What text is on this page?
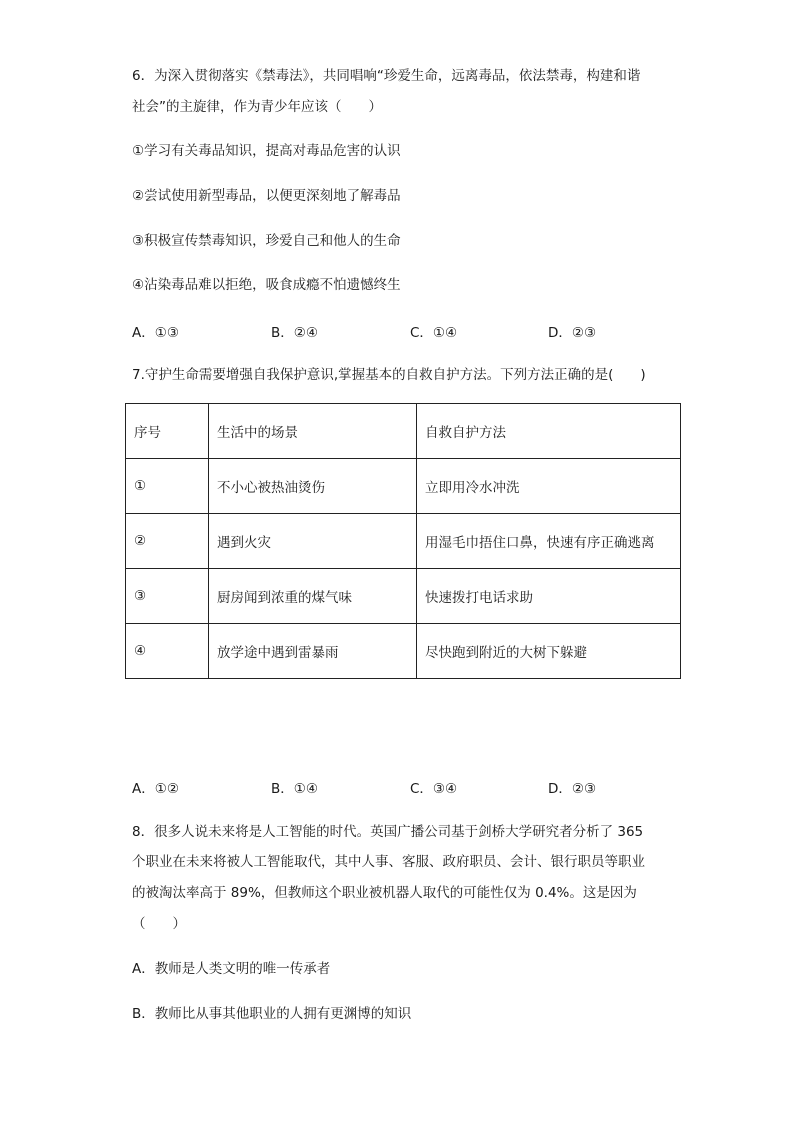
6．为深入贯彻落实《禁毒法》，共同唱响“珍爱生命，远离毒品，依法禁毒，构建和谐
社会”的主旋律，作为青少年应该（　　）
①学习有关毒品知识，提高对毒品危害的认识
②尝试使用新型毒品，以便更深刻地了解毒品
③积极宣传禁毒知识，珍爱自己和他人的生命
④沾染毒品难以拒绝，吸食成瘾不怕遗憾终生
A．①③	B．②④	C．①④	D．②③
7.守护生命需要增强自我保护意识,掌握基本的自救自护方法。下列方法正确的是(　　)
序号	生活中的场景	自救自护方法
①	不小心被热油烫伤	立即用冷水冲洗
②	遇到火灾	用湿毛巾捂住口鼻，快速有序正确逃离
③	厨房闻到浓重的煤气味	快速拨打电话求助
④	放学途中遇到雷暴雨	尽快跑到附近的大树下躲避
A．①②	B．①④	C．③④	D．②③
8．很多人说未来将是人工智能的时代。英国广播公司基于剑桥大学研究者分析了 365
个职业在未来将被人工智能取代，其中人事、客服、政府职员、会计、银行职员等职业
的被淘汰率高于 89%，但教师这个职业被机器人取代的可能性仅为 0.4%。这是因为
（　　）
A．教师是人类文明的唯一传承者
B．教师比从事其他职业的人拥有更渊博的知识
